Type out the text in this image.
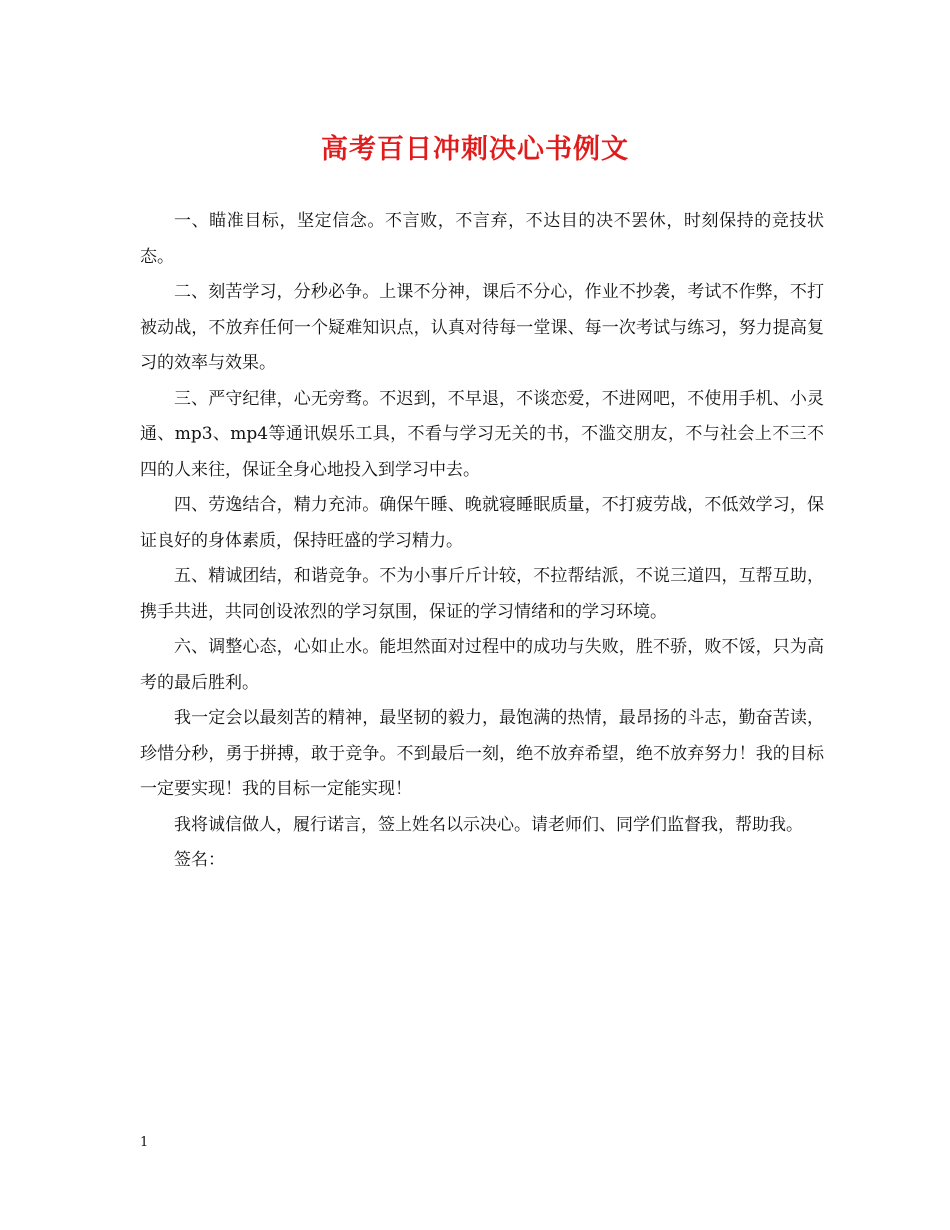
高考百日冲刺决心书例文

一、瞄准目标，坚定信念。不言败，不言弃，不达目的决不罢休，时刻保持的竞技状态。

二、刻苦学习，分秒必争。上课不分神，课后不分心，作业不抄袭，考试不作弊，不打被动战，不放弃任何一个疑难知识点，认真对待每一堂课、每一次考试与练习，努力提高复习的效率与效果。

三、严守纪律，心无旁骛。不迟到，不早退，不谈恋爱，不进网吧，不使用手机、小灵通、mp3、mp4等通讯娱乐工具，不看与学习无关的书，不滥交朋友，不与社会上不三不四的人来往，保证全身心地投入到学习中去。

四、劳逸结合，精力充沛。确保午睡、晚就寝睡眠质量，不打疲劳战，不低效学习，保证良好的身体素质，保持旺盛的学习精力。

五、精诚团结，和谐竞争。不为小事斤斤计较，不拉帮结派，不说三道四，互帮互助，携手共进，共同创设浓烈的学习氛围，保证的学习情绪和的学习环境。

六、调整心态，心如止水。能坦然面对过程中的成功与失败，胜不骄，败不馁，只为高考的最后胜利。

我一定会以最刻苦的精神，最坚韧的毅力，最饱满的热情，最昂扬的斗志，勤奋苦读，珍惜分秒，勇于拼搏，敢于竞争。不到最后一刻，绝不放弃希望，绝不放弃努力！我的目标一定要实现！我的目标一定能实现！

我将诚信做人，履行诺言，签上姓名以示决心。请老师们、同学们监督我，帮助我。

签名：

1
